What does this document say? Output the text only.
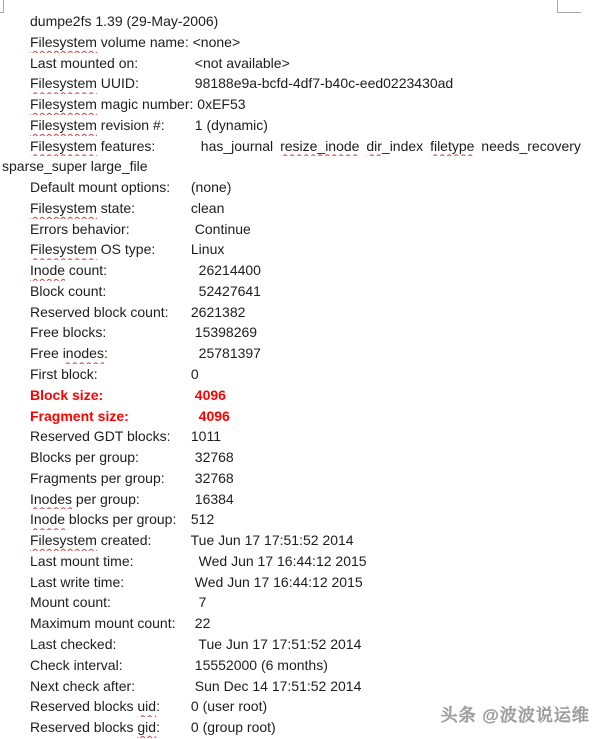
dumpe2fs 1.39 (29-May-2006)
Filesystem volume name: <none>
Last mounted on:	<not available>
Filesystem UUID:	98188e9a-bcfd-4df7-b40c-eed0223430ad
Filesystem magic number: 0xEF53
Filesystem revision #:  1 (dynamic)
Filesystem features:  has_journal resize_inode dir_index filetype needs_recovery
sparse_super large_file
Default mount options: (none)
Filesystem state:	clean
Errors behavior:	Continue
Filesystem OS type: Linux
Inode count:	26214400
Block count:	52427641
Reserved block count: 2621382
Free blocks:	15398269
Free inodes:	25781397
First block:	0
Block size:	4096
Fragment size:	4096
Reserved GDT blocks: 1011
Blocks per group:	32768
Fragments per group:  32768
Inodes per group:	16384
Inode blocks per group: 512
Filesystem created:	Tue Jun 17 17:51:52 2014
Last mount time:	Wed Jun 17 16:44:12 2015
Last write time:	Wed Jun 17 16:44:12 2015
Mount count:	7
Maximum mount count:  22
Last checked:	Tue Jun 17 17:51:52 2014
Check interval:	15552000 (6 months)
Next check after:	Sun Dec 14 17:51:52 2014
Reserved blocks uid: 0 (user root)
Reserved blocks gid: 0 (group root)
头条 @波波说运维
